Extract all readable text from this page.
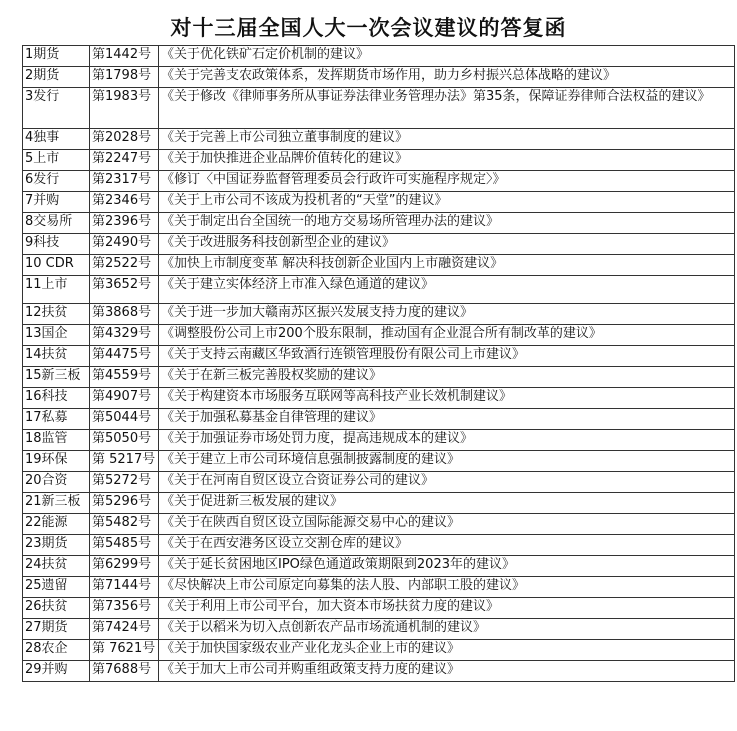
对十三届全国人大一次会议建议的答复函
1期货	第1442号	《关于优化铁矿石定价机制的建议》
2期货	第1798号	《关于完善支农政策体系，发挥期货市场作用，助力乡村振兴总体战略的建议》
3发行	第1983号	《关于修改《律师事务所从事证券法律业务管理办法》第35条，保障证券律师合法权益的建议》
4独事	第2028号	《关于完善上市公司独立董事制度的建议》
5上市	第2247号	《关于加快推进企业品牌价值转化的建议》
6发行	第2317号	《修订〈中国证券监督管理委员会行政许可实施程序规定〉》
7并购	第2346号	《关于上市公司不该成为投机者的“天堂”的建议》
8交易所	第2396号	《关于制定出台全国统一的地方交易场所管理办法的建议》
9科技	第2490号	《关于改进服务科技创新型企业的建议》
10 CDR	第2522号	《加快上市制度变革 解决科技创新企业国内上市融资建议》
11上市	第3652号	《关于建立实体经济上市准入绿色通道的建议》
12扶贫	第3868号	《关于进一步加大赣南苏区振兴发展支持力度的建议》
13国企	第4329号	《调整股份公司上市200个股东限制，推动国有企业混合所有制改革的建议》
14扶贫	第4475号	《关于支持云南藏区华致酒行连锁管理股份有限公司上市建议》
15新三板	第4559号	《关于在新三板完善股权奖励的建议》
16科技	第4907号	《关于构建资本市场服务互联网等高科技产业长效机制建议》
17私募	第5044号	《关于加强私募基金自律管理的建议》
18监管	第5050号	《关于加强证券市场处罚力度，提高违规成本的建议》
19环保	第 5217号	《关于建立上市公司环境信息强制披露制度的建议》
20合资	第5272号	《关于在河南自贸区设立合资证券公司的建议》
21新三板	第5296号	《关于促进新三板发展的建议》
22能源	第5482号	《关于在陕西自贸区设立国际能源交易中心的建议》
23期货	第5485号	《关于在西安港务区设立交割仓库的建议》
24扶贫	第6299号	《关于延长贫困地区IPO绿色通道政策期限到2023年的建议》
25遗留	第7144号	《尽快解决上市公司原定向募集的法人股、内部职工股的建议》
26扶贫	第7356号	《关于利用上市公司平台，加大资本市场扶贫力度的建议》
27期货	第7424号	《关于以稻米为切入点创新农产品市场流通机制的建议》
28农企	第 7621号	《关于加快国家级农业产业化龙头企业上市的建议》
29并购	第7688号	《关于加大上市公司并购重组政策支持力度的建议》
